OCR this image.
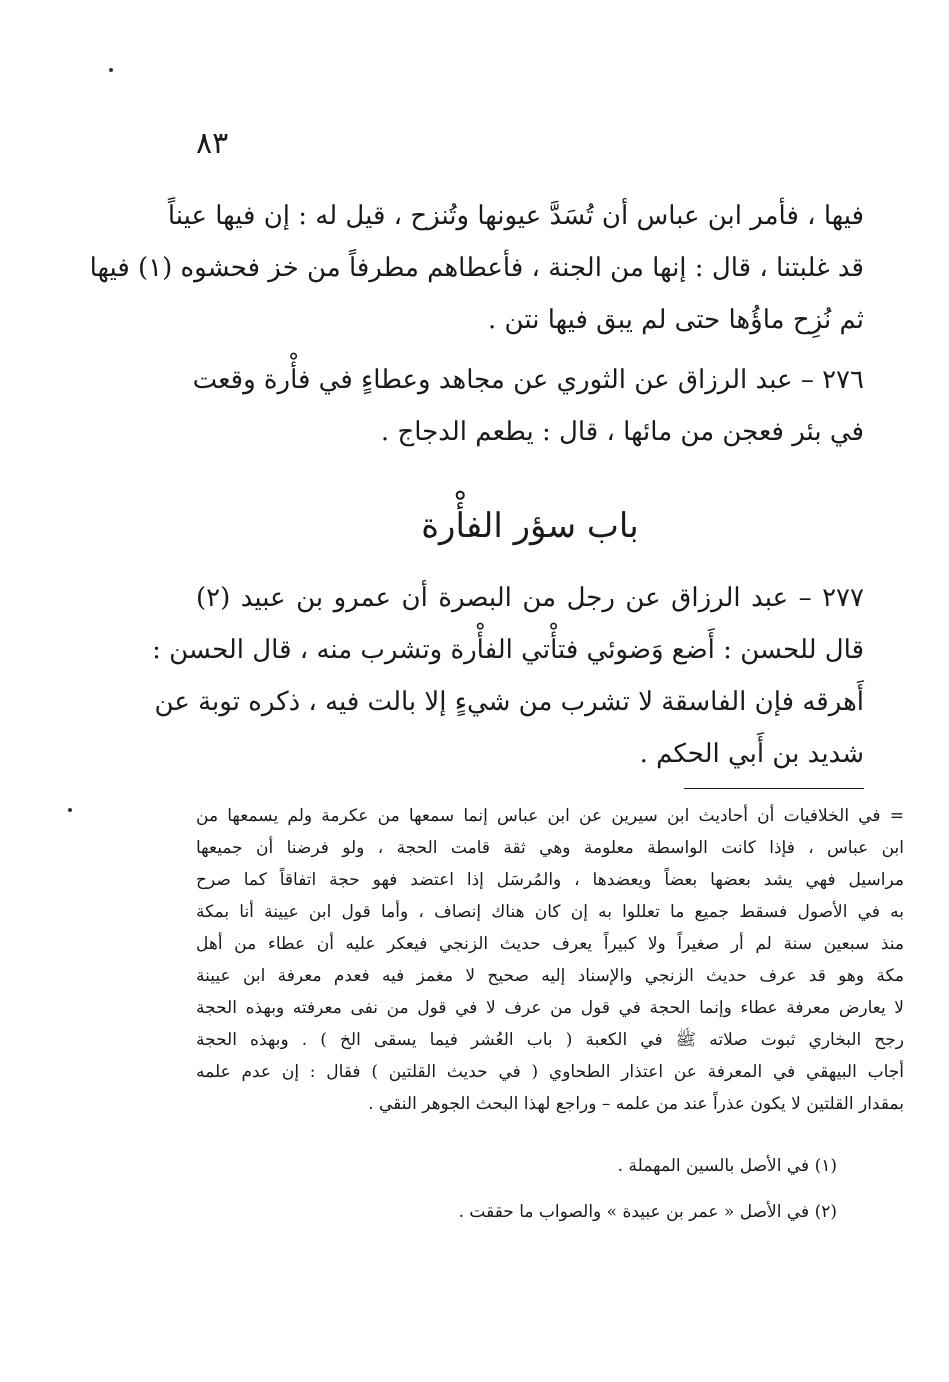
٨٣
فيها ، فأمر ابن عباس أن تُسَدَّ عيونها وتُنزح ، قيل له : إن فيها عيناً
قد غلبتنا ، قال : إنها من الجنة ، فأعطاهم مطرفاً من خز فحشوه (١) فيها
ثم نُزِح ماؤُها حتى لم يبق فيها نتن .
٢٧٦ – عبد الرزاق عن الثوري عن مجاهد وعطاءٍ في فأْرة وقعت
في بئر فعجن من مائها ، قال : يطعم الدجاج .
باب سؤر الفأْرة
٢٧٧ – عبد الرزاق عن رجل من البصرة أن عمرو بن عبيد (٢)
قال للحسن : أَضع وَضوئي فتأْتي الفأْرة وتشرب منه ، قال الحسن :
أَهرقه فإن الفاسقة لا تشرب من شيءٍ إلا بالت فيه ، ذكره توبة عن
شديد بن أَبي الحكم .
= في الخلافيات أن أحاديث ابن سيرين عن ابن عباس إنما سمعها من عكرمة ولم يسمعها من
ابن عباس ، فإذا كانت الواسطة معلومة وهي ثقة قامت الحجة ، ولو فرضنا أن جميعها
مراسيل فهي يشد بعضها بعضاً ويعضدها ، والمُرسَل إذا اعتضد فهو حجة اتفاقاً كما صرح
به في الأصول فسقط جميع ما تعللوا به إن كان هناك إنصاف ، وأما قول ابن عيينة أنا بمكة
منذ سبعين سنة لم أر صغيراً ولا كبيراً يعرف حديث الزنجي فيعكر عليه أن عطاء من أهل
مكة وهو قد عرف حديث الزنجي والإسناد إليه صحيح لا مغمز فيه فعدم معرفة ابن عيينة
لا يعارض معرفة عطاء وإنما الحجة في قول من عرف لا في قول من نفى معرفته وبهذه الحجة
رجح البخاري ثبوت صلاته ﷺ في الكعبة ( باب العُشر فيما يسقى الخ ) . وبهذه الحجة
أجاب البيهقي في المعرفة عن اعتذار الطحاوي ( في حديث القلتين ) فقال : إن عدم علمه
بمقدار القلتين لا يكون عذراً عند من علمه – وراجع لهذا البحث الجوهر النقي .
(١) في الأصل بالسين المهملة .
(٢) في الأصل « عمر بن عبيدة » والصواب ما حققت .
